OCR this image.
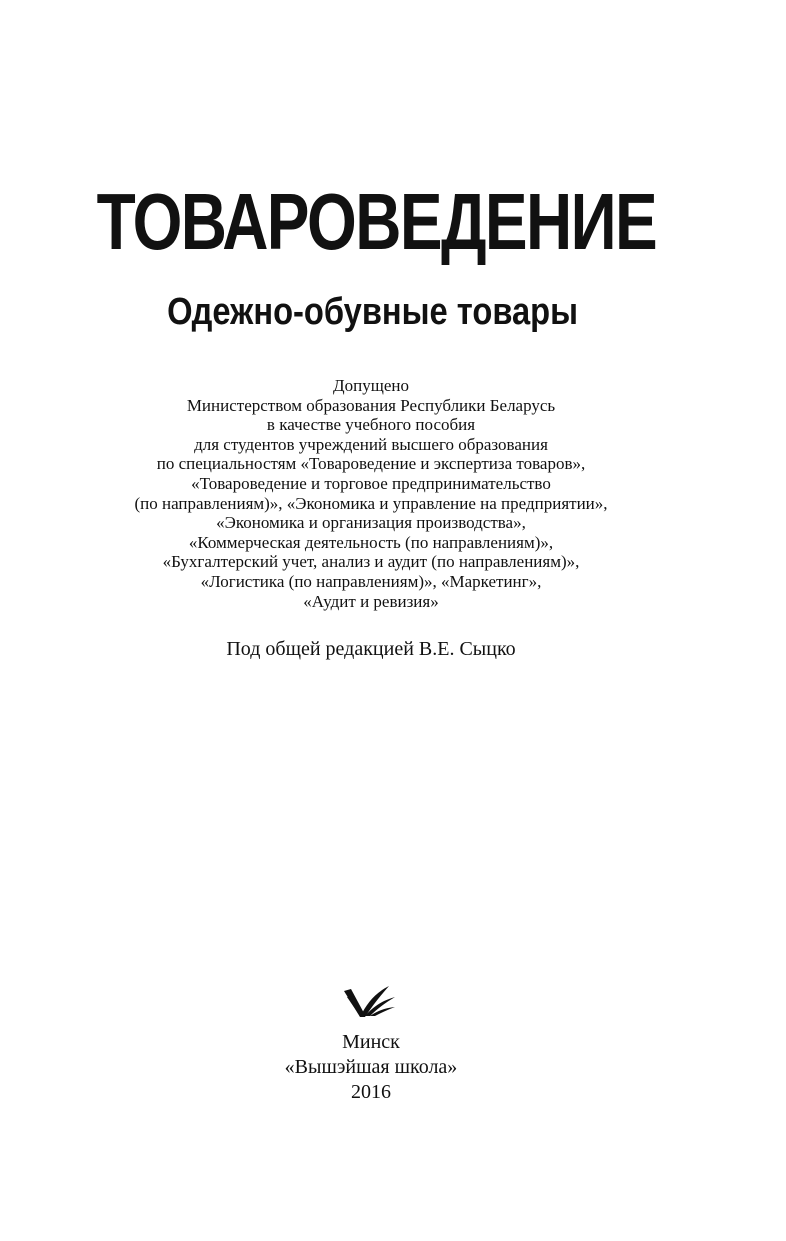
ТОВАРОВЕДЕНИЕ
Одежно-обувные товары
Допущено
Министерством образования Республики Беларусь
в качестве учебного пособия
для студентов учреждений высшего образования
по специальностям «Товароведение и экспертиза товаров»,
«Товароведение и торговое предпринимательство
(по направлениям)», «Экономика и управление на предприятии»,
«Экономика и организация производства»,
«Коммерческая деятельность (по направлениям)»,
«Бухгалтерский учет, анализ и аудит (по направлениям)»,
«Логистика (по направлениям)», «Маркетинг»,
«Аудит и ревизия»
Под общей редакцией В.Е. Сыцко
Минск
«Вышэйшая школа»
2016
